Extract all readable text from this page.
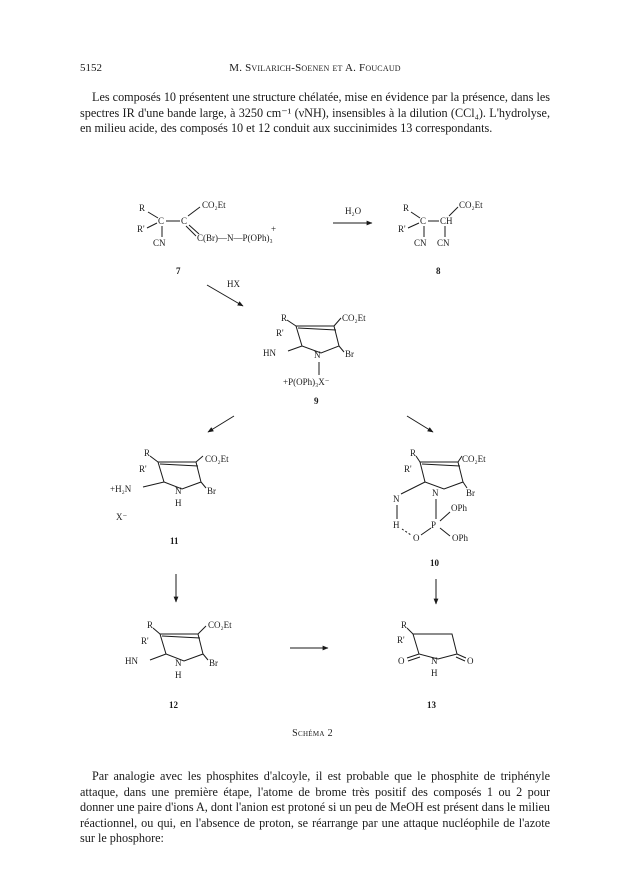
5152	M. Svilarich-Soenen et A. Foucaud
Les composés 10 présentent une structure chélatée, mise en évidence par la présence, dans les spectres IR d'une bande large, à 3250 cm⁻¹ (νNH), insensibles à la dilution (CCl₄). L'hydrolyse, en milieu acide, des composés 10 et 12 conduit aux succinimides 13 correspondants.
R
R'
C C
CO₂Et
CN
+
C(Br)—N—P(OPh)₃
7
H₂O	R
R'
C CH
CO₂Et
CN CN
8
HX
R
R'
CO₂Et
HN	N	Br
+P(OPh)₃X⁻
9
R
R'
CO₂Et
+H₂N	N
H
Br
X⁻
11
R
R'
CO₂Et
N
N	Br
H
O
P
OPh
OPh
10
R
R'
CO₂Et
HN	N
H
Br
12
R
R'
O	N
H
O
13
Schéma 2
Par analogie avec les phosphites d'alcoyle, il est probable que le phosphite de triphényle attaque, dans une première étape, l'atome de brome très positif des composés 1 ou 2 pour donner une paire d'ions A, dont l'anion est protoné si un peu de MeOH est présent dans le milieu réactionnel, ou qui, en l'absence de proton, se réarrange par une attaque nucléophile de l'azote sur le phosphore:
